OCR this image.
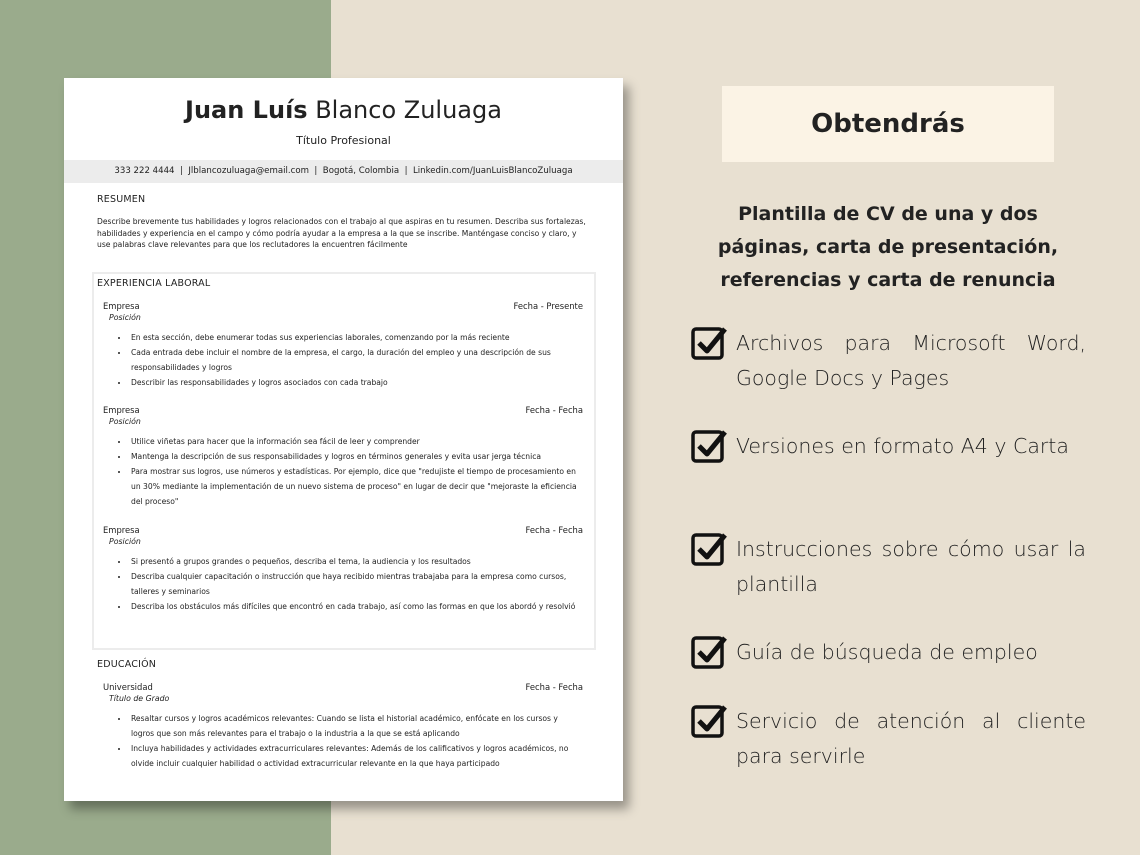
Juan Luís Blanco Zuluaga
Título Profesional
333 222 4444  |  Jlblancozuluaga@email.com  |  Bogotá, Colombia  |  Linkedin.com/JuanLuisBlancoZuluaga
RESUMEN
Describe brevemente tus habilidades y logros relacionados con el trabajo al que aspiras en tu resumen. Describa sus fortalezas, habilidades y experiencia en el campo y cómo podría ayudar a la empresa a la que se inscribe. Manténgase conciso y claro, y use palabras clave relevantes para que los reclutadores la encuentren fácilmente
EXPERIENCIA LABORAL
Empresa	Fecha - Presente
Posición
• En esta sección, debe enumerar todas sus experiencias laborales, comenzando por la más reciente
• Cada entrada debe incluir el nombre de la empresa, el cargo, la duración del empleo y una descripción de sus responsabilidades y logros
• Describir las responsabilidades y logros asociados con cada trabajo
Empresa	Fecha - Fecha
Posición
• Utilice viñetas para hacer que la información sea fácil de leer y comprender
• Mantenga la descripción de sus responsabilidades y logros en términos generales y evita usar jerga técnica
• Para mostrar sus logros, use números y estadísticas. Por ejemplo, dice que "redujiste el tiempo de procesamiento en un 30% mediante la implementación de un nuevo sistema de proceso" en lugar de decir que "mejoraste la eficiencia del proceso"
Empresa	Fecha - Fecha
Posición
• Si presentó a grupos grandes o pequeños, describa el tema, la audiencia y los resultados
• Describa cualquier capacitación o instrucción que haya recibido mientras trabajaba para la empresa como cursos, talleres y seminarios
• Describa los obstáculos más difíciles que encontró en cada trabajo, así como las formas en que los abordó y resolvió
EDUCACIÓN
Universidad	Fecha - Fecha
Título de Grado
• Resaltar cursos y logros académicos relevantes: Cuando se lista el historial académico, enfócate en los cursos y logros que son más relevantes para el trabajo o la industria a la que se está aplicando
• Incluya habilidades y actividades extracurriculares relevantes: Además de los calificativos y logros académicos, no olvide incluir cualquier habilidad o actividad extracurricular relevante en la que haya participado
Obtendrás
Plantilla de CV de una y dos páginas, carta de presentación, referencias y carta de renuncia
Archivos para Microsoft Word, Google Docs y Pages
Versiones en formato A4 y Carta
Instrucciones sobre cómo usar la plantilla
Guía de búsqueda de empleo
Servicio de atención al cliente para servirle
